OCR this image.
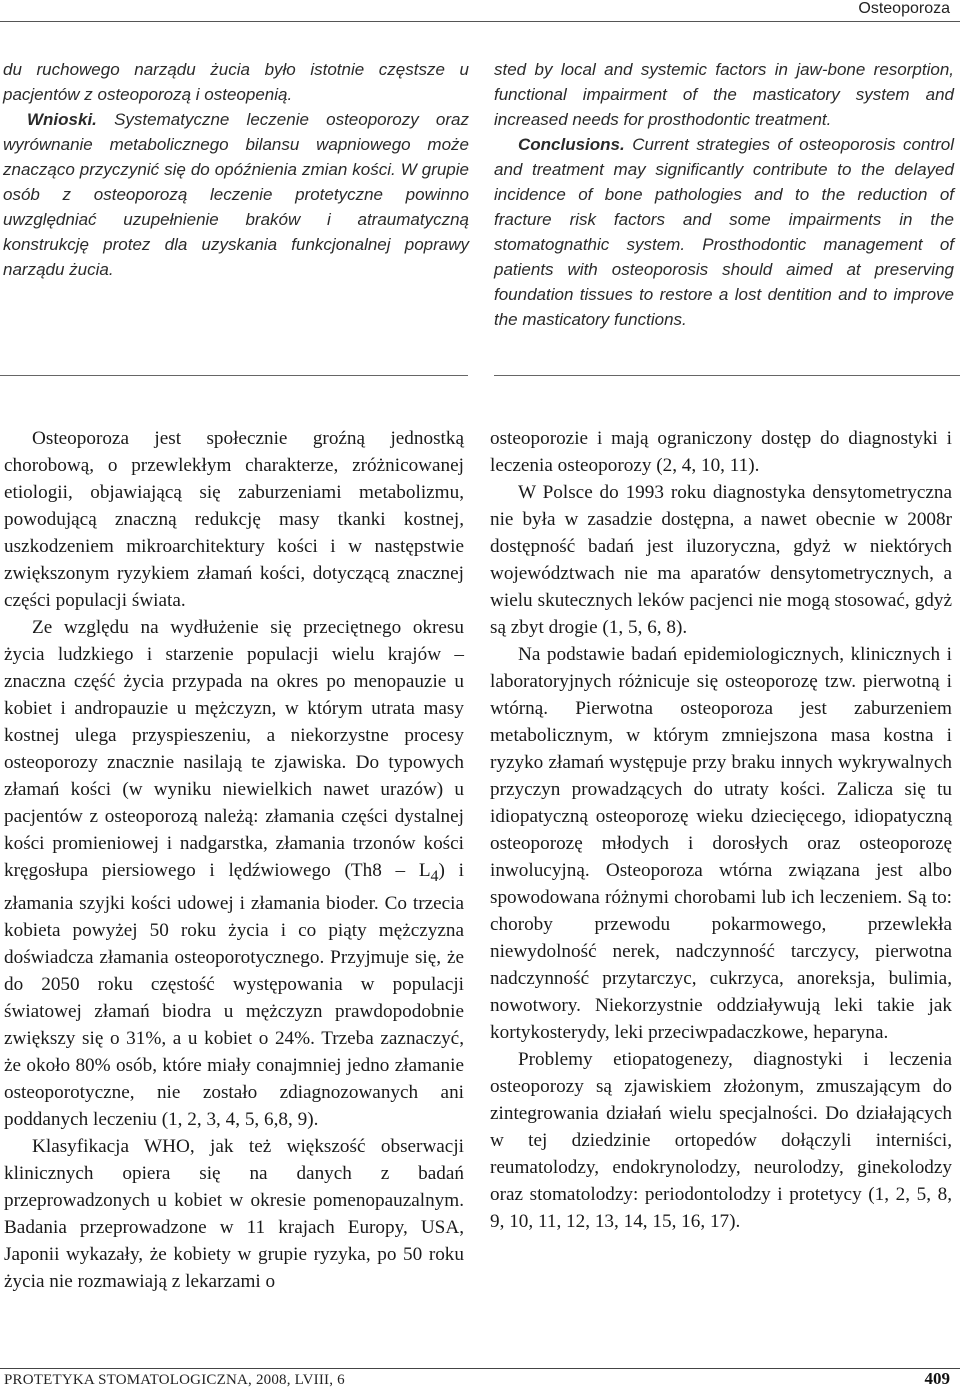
Osteoporoza

du ruchowego narządu żucia było istotnie częstsze u pacjentów z osteoporozą i osteopenią.

Wnioski. Systematyczne leczenie osteoporozy oraz wyrównanie metabolicznego bilansu wapniowego może znacząco przyczynić się do opóźnienia zmian kości. W grupie osób z osteoporozą leczenie protetyczne powinno uwzględniać uzupełnienie braków i atraumatyczną konstrukcję protez dla uzyskania funkcjonalnej poprawy narządu żucia.

sted by local and systemic factors in jaw-bone resorption, functional impairment of the masticatory system and increased needs for prosthodontic treatment.

Conclusions. Current strategies of osteoporosis control and treatment may significantly contribute to the delayed incidence of bone pathologies and to the reduction of fracture risk factors and some impairments in the stomatognathic system. Prosthodontic management of patients with osteoporosis should aimed at preserving foundation tissues to restore a lost dentition and to improve the masticatory functions.

Osteoporoza jest społecznie groźną jednostką chorobową, o przewlekłym charakterze, zróżnicowanej etiologii, objawiającą się zaburzeniami metabolizmu, powodującą znaczną redukcję masy tkanki kostnej, uszkodzeniem mikroarchitektury kości i w następstwie zwiększonym ryzykiem złamań kości, dotyczącą znacznej części populacji świata.

Ze względu na wydłużenie się przeciętnego okresu życia ludzkiego i starzenie populacji wielu krajów – znaczna część życia przypada na okres po menopauzie u kobiet i andropauzie u mężczyzn, w którym utrata masy kostnej ulega przyspieszeniu, a niekorzystne procesy osteoporozy znacznie nasilają te zjawiska. Do typowych złamań kości (w wyniku niewielkich nawet urazów) u pacjentów z osteoporozą należą: złamania części dystalnej kości promieniowej i nadgarstka, złamania trzonów kości kręgosłupa piersiowego i lędźwiowego $(Th8 - L_4)$ i złamania szyjki kości udowej i złamania bioder. Co trzecia kobieta powyżej 50 roku życia i co piąty mężczyzna doświadcza złamania osteoporotycznego. Przyjmuje się, że do 2050 roku częstość występowania w populacji światowej złamań biodra u mężczyzn prawdopodobnie zwiększy się o 31%, a u kobiet o 24%. Trzeba zaznaczyć, że około 80% osób, które miały conajmniej jedno złamanie osteoporotyczne, nie zostało zdiagnozowanych ani poddanych leczeniu (1, 2, 3, 4, 5, 6,8, 9).

Klasyfikacja WHO, jak też większość obserwacji klinicznych opiera się na danych z badań przeprowadzonych u kobiet w okresie pomenopauzalnym. Badania przeprowadzone w 11 krajach Europy, USA, Japonii wykazały, że kobiety w grupie ryzyka, po 50 roku życia nie rozmawiają z lekarzami o

osteoporozie i mają ograniczony dostęp do diagnostyki i leczenia osteoporozy (2, 4, 10, 11).

W Polsce do 1993 roku diagnostyka densytometryczna nie była w zasadzie dostępna, a nawet obecnie w 2008r dostępność badań jest iluzoryczna, gdyż w niektórych województwach nie ma aparatów densytometrycznych, a wielu skutecznych leków pacjenci nie mogą stosować, gdyż są zbyt drogie (1, 5, 6, 8).

Na podstawie badań epidemiologicznych, klinicznych i laboratoryjnych różnicuje się osteoporozę tzw. pierwotną i wtórną. Pierwotna osteoporoza jest zaburzeniem metabolicznym, w którym zmniejszona masa kostna i ryzyko złamań występuje przy braku innych wykrywalnych przyczyn prowadzących do utraty kości. Zalicza się tu idiopatyczną osteoporozę wieku dziecięcego, idiopatyczną osteoporozę młodych i dorosłych oraz osteoporozę inwolucyjną. Osteoporoza wtórna związana jest albo spowodowana różnymi chorobami lub ich leczeniem. Są to: choroby przewodu pokarmowego, przewlekła niewydolność nerek, nadczynność tarczycy, pierwotna nadczynność przytarczyc, cukrzyca, anoreksja, bulimia, nowotwory. Niekorzystnie oddziaływują leki takie jak kortykosterydy, leki przeciwpadaczkowe, heparyna.

Problemy etiopatogenezy, diagnostyki i leczenia osteoporozy są zjawiskiem złożonym, zmuszającym do zintegrowania działań wielu specjalności. Do działających w tej dziedzinie ortopedów dołączyli interniści, reumatolodzy, endokrynolodzy, neurolodzy, ginekolodzy oraz stomatolodzy: periodontolodzy i protetycy (1, 2, 5, 8, 9, 10, 11, 12, 13, 14, 15, 16, 17).

PROTETYKA STOMATOLOGICZNA, 2008, LVIII, 6	409
